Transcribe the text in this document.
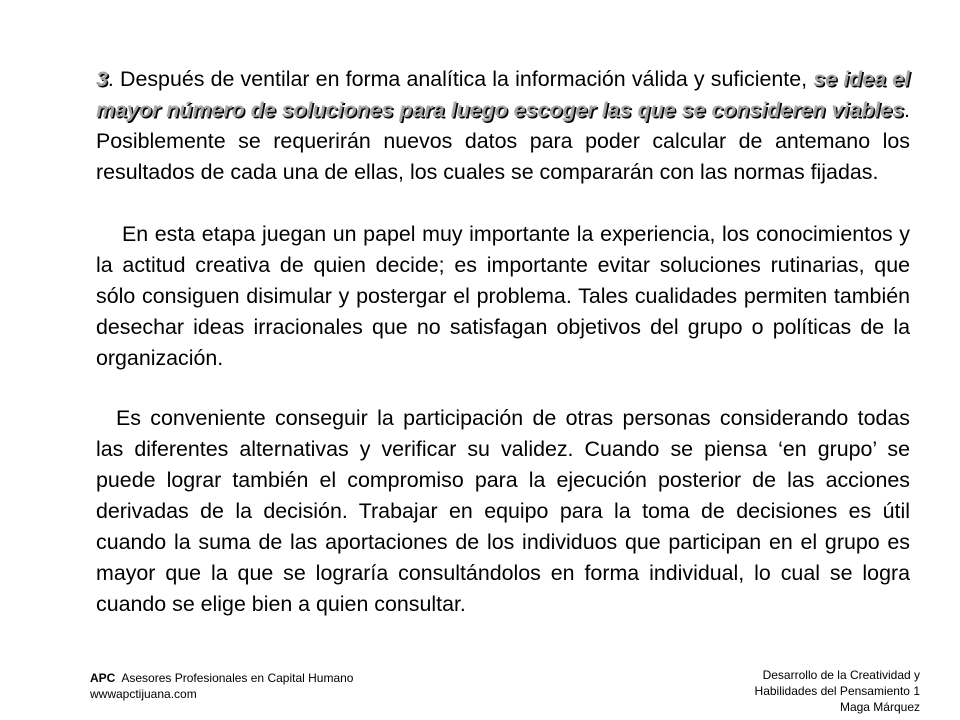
3. Después de ventilar en forma analítica la información válida y suficiente, se idea el mayor número de soluciones para luego escoger las que se consideren viables. Posiblemente se requerirán nuevos datos para poder calcular de antemano los resultados de cada una de ellas, los cuales se compararán con las normas fijadas.

En esta etapa juegan un papel muy importante la experiencia, los conocimientos y la actitud creativa de quien decide; es importante evitar soluciones rutinarias, que sólo consiguen disimular y postergar el problema. Tales cualidades permiten también desechar ideas irracionales que no satisfagan objetivos del grupo o políticas de la organización.

Es conveniente conseguir la participación de otras personas considerando todas las diferentes alternativas y verificar su validez. Cuando se piensa ‘en grupo’ se puede lograr también el compromiso para la ejecución posterior de las acciones derivadas de la decisión. Trabajar en equipo para la toma de decisiones es útil cuando la suma de las aportaciones de los individuos que participan en el grupo es mayor que la que se lograría consultándolos en forma individual, lo cual se logra cuando se elige bien a quien consultar.

APC Asesores Profesionales en Capital Humano
wwwapctijuana.com
Desarrollo de la Creatividad y
Habilidades del Pensamiento 1
Maga Márquez
